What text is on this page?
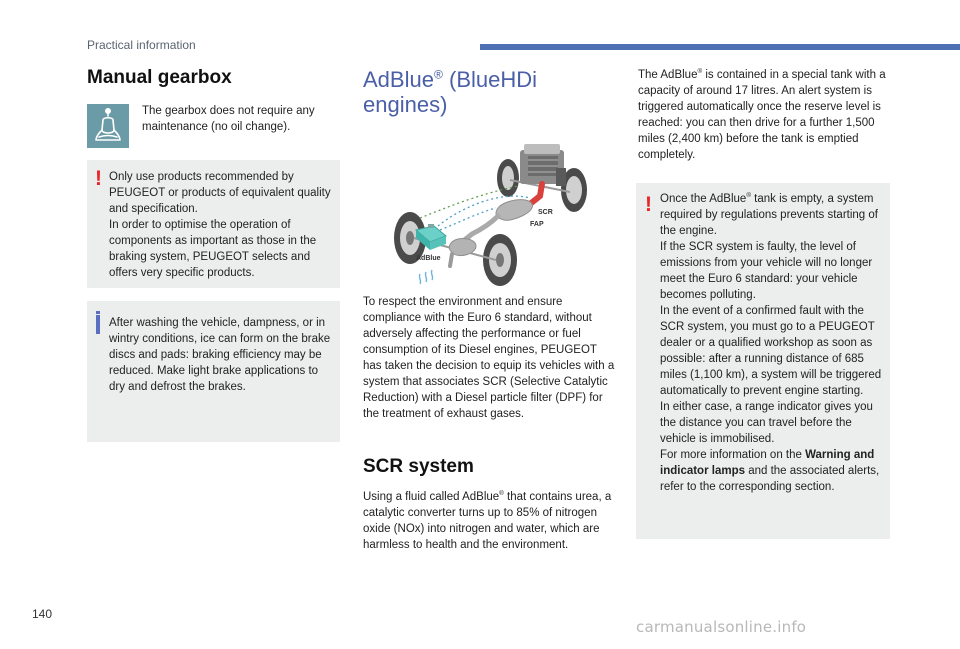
Practical information
Manual gearbox
The gearbox does not require any maintenance (no oil change).
! Only use products recommended by PEUGEOT or products of equivalent quality and specification.

In order to optimise the operation of components as important as those in the braking system, PEUGEOT selects and offers very specific products.

After washing the vehicle, dampness, or in wintry conditions, ice can form on the brake discs and pads: braking efficiency may be reduced. Make light brake applications to dry and defrost the brakes.

AdBlue® (BlueHDi engines)
SCR
FAP
AdBlue

To respect the environment and ensure compliance with the Euro 6 standard, without adversely affecting the performance or fuel consumption of its Diesel engines, PEUGEOT has taken the decision to equip its vehicles with a system that associates SCR (Selective Catalytic Reduction) with a Diesel particle filter (DPF) for the treatment of exhaust gases.

SCR system

Using a fluid called AdBlue® that contains urea, a catalytic converter turns up to 85% of nitrogen oxide (NOx) into nitrogen and water, which are harmless to health and the environment.

The AdBlue® is contained in a special tank with a capacity of around 17 litres. An alert system is triggered automatically once the reserve level is reached: you can then drive for a further 1,500 miles (2,400 km) before the tank is emptied completely.

! Once the AdBlue® tank is empty, a system required by regulations prevents starting of the engine.

If the SCR system is faulty, the level of emissions from your vehicle will no longer meet the Euro 6 standard: your vehicle becomes polluting.

In the event of a confirmed fault with the SCR system, you must go to a PEUGEOT dealer or a qualified workshop as soon as possible: after a running distance of 685 miles (1,100 km), a system will be triggered automatically to prevent engine starting.

In either case, a range indicator gives you the distance you can travel before the vehicle is immobilised.

For more information on the Warning and indicator lamps and the associated alerts, refer to the corresponding section.

140
carmanualsonline.info
